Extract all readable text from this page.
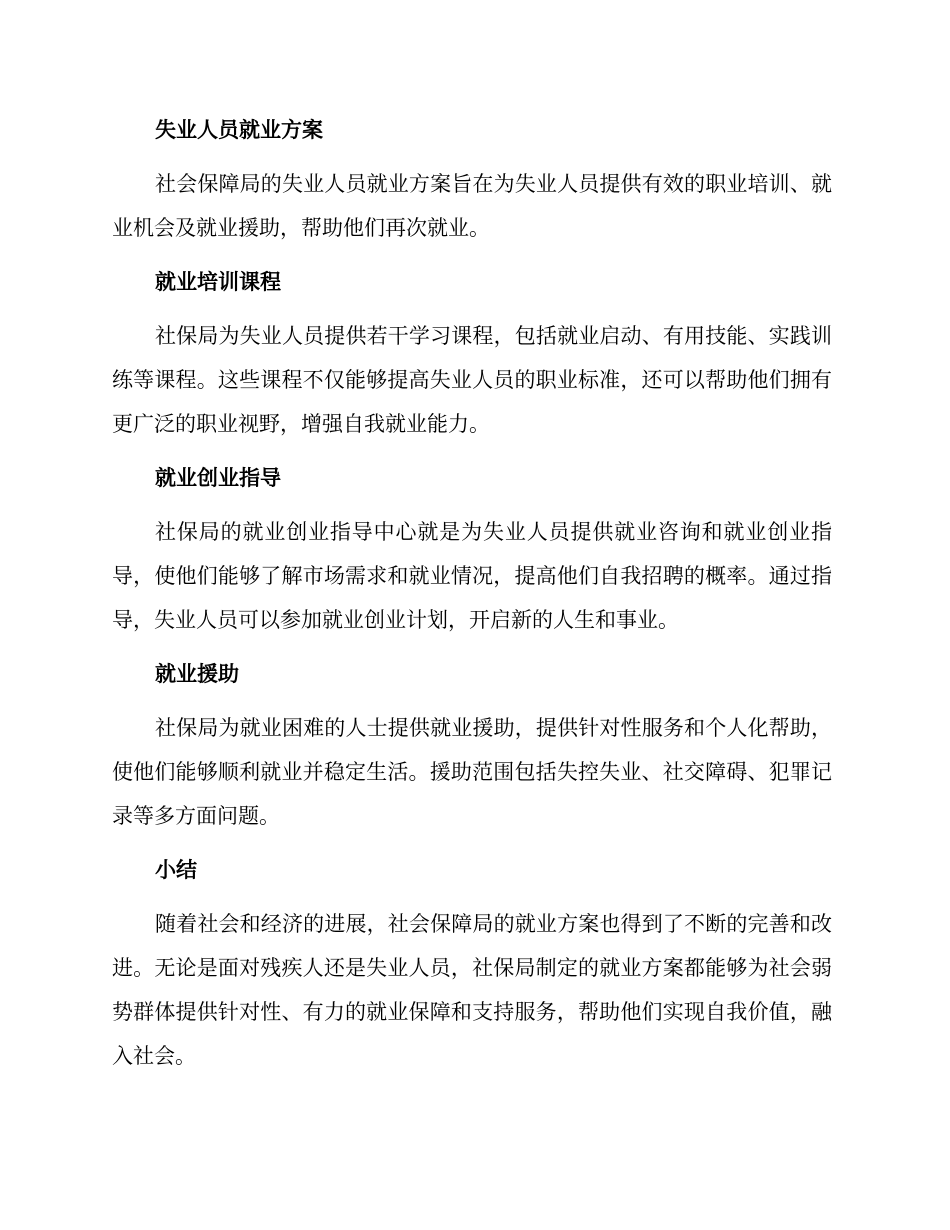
失业人员就业方案

社会保障局的失业人员就业方案旨在为失业人员提供有效的职业培训、就业机会及就业援助，帮助他们再次就业。

就业培训课程

社保局为失业人员提供若干学习课程，包括就业启动、有用技能、实践训练等课程。这些课程不仅能够提高失业人员的职业标准，还可以帮助他们拥有更广泛的职业视野，增强自我就业能力。

就业创业指导

社保局的就业创业指导中心就是为失业人员提供就业咨询和就业创业指导，使他们能够了解市场需求和就业情况，提高他们自我招聘的概率。通过指导，失业人员可以参加就业创业计划，开启新的人生和事业。

就业援助

社保局为就业困难的人士提供就业援助，提供针对性服务和个人化帮助，使他们能够顺利就业并稳定生活。援助范围包括失控失业、社交障碍、犯罪记录等多方面问题。

小结

随着社会和经济的进展，社会保障局的就业方案也得到了不断的完善和改进。无论是面对残疾人还是失业人员，社保局制定的就业方案都能够为社会弱势群体提供针对性、有力的就业保障和支持服务，帮助他们实现自我价值，融入社会。
